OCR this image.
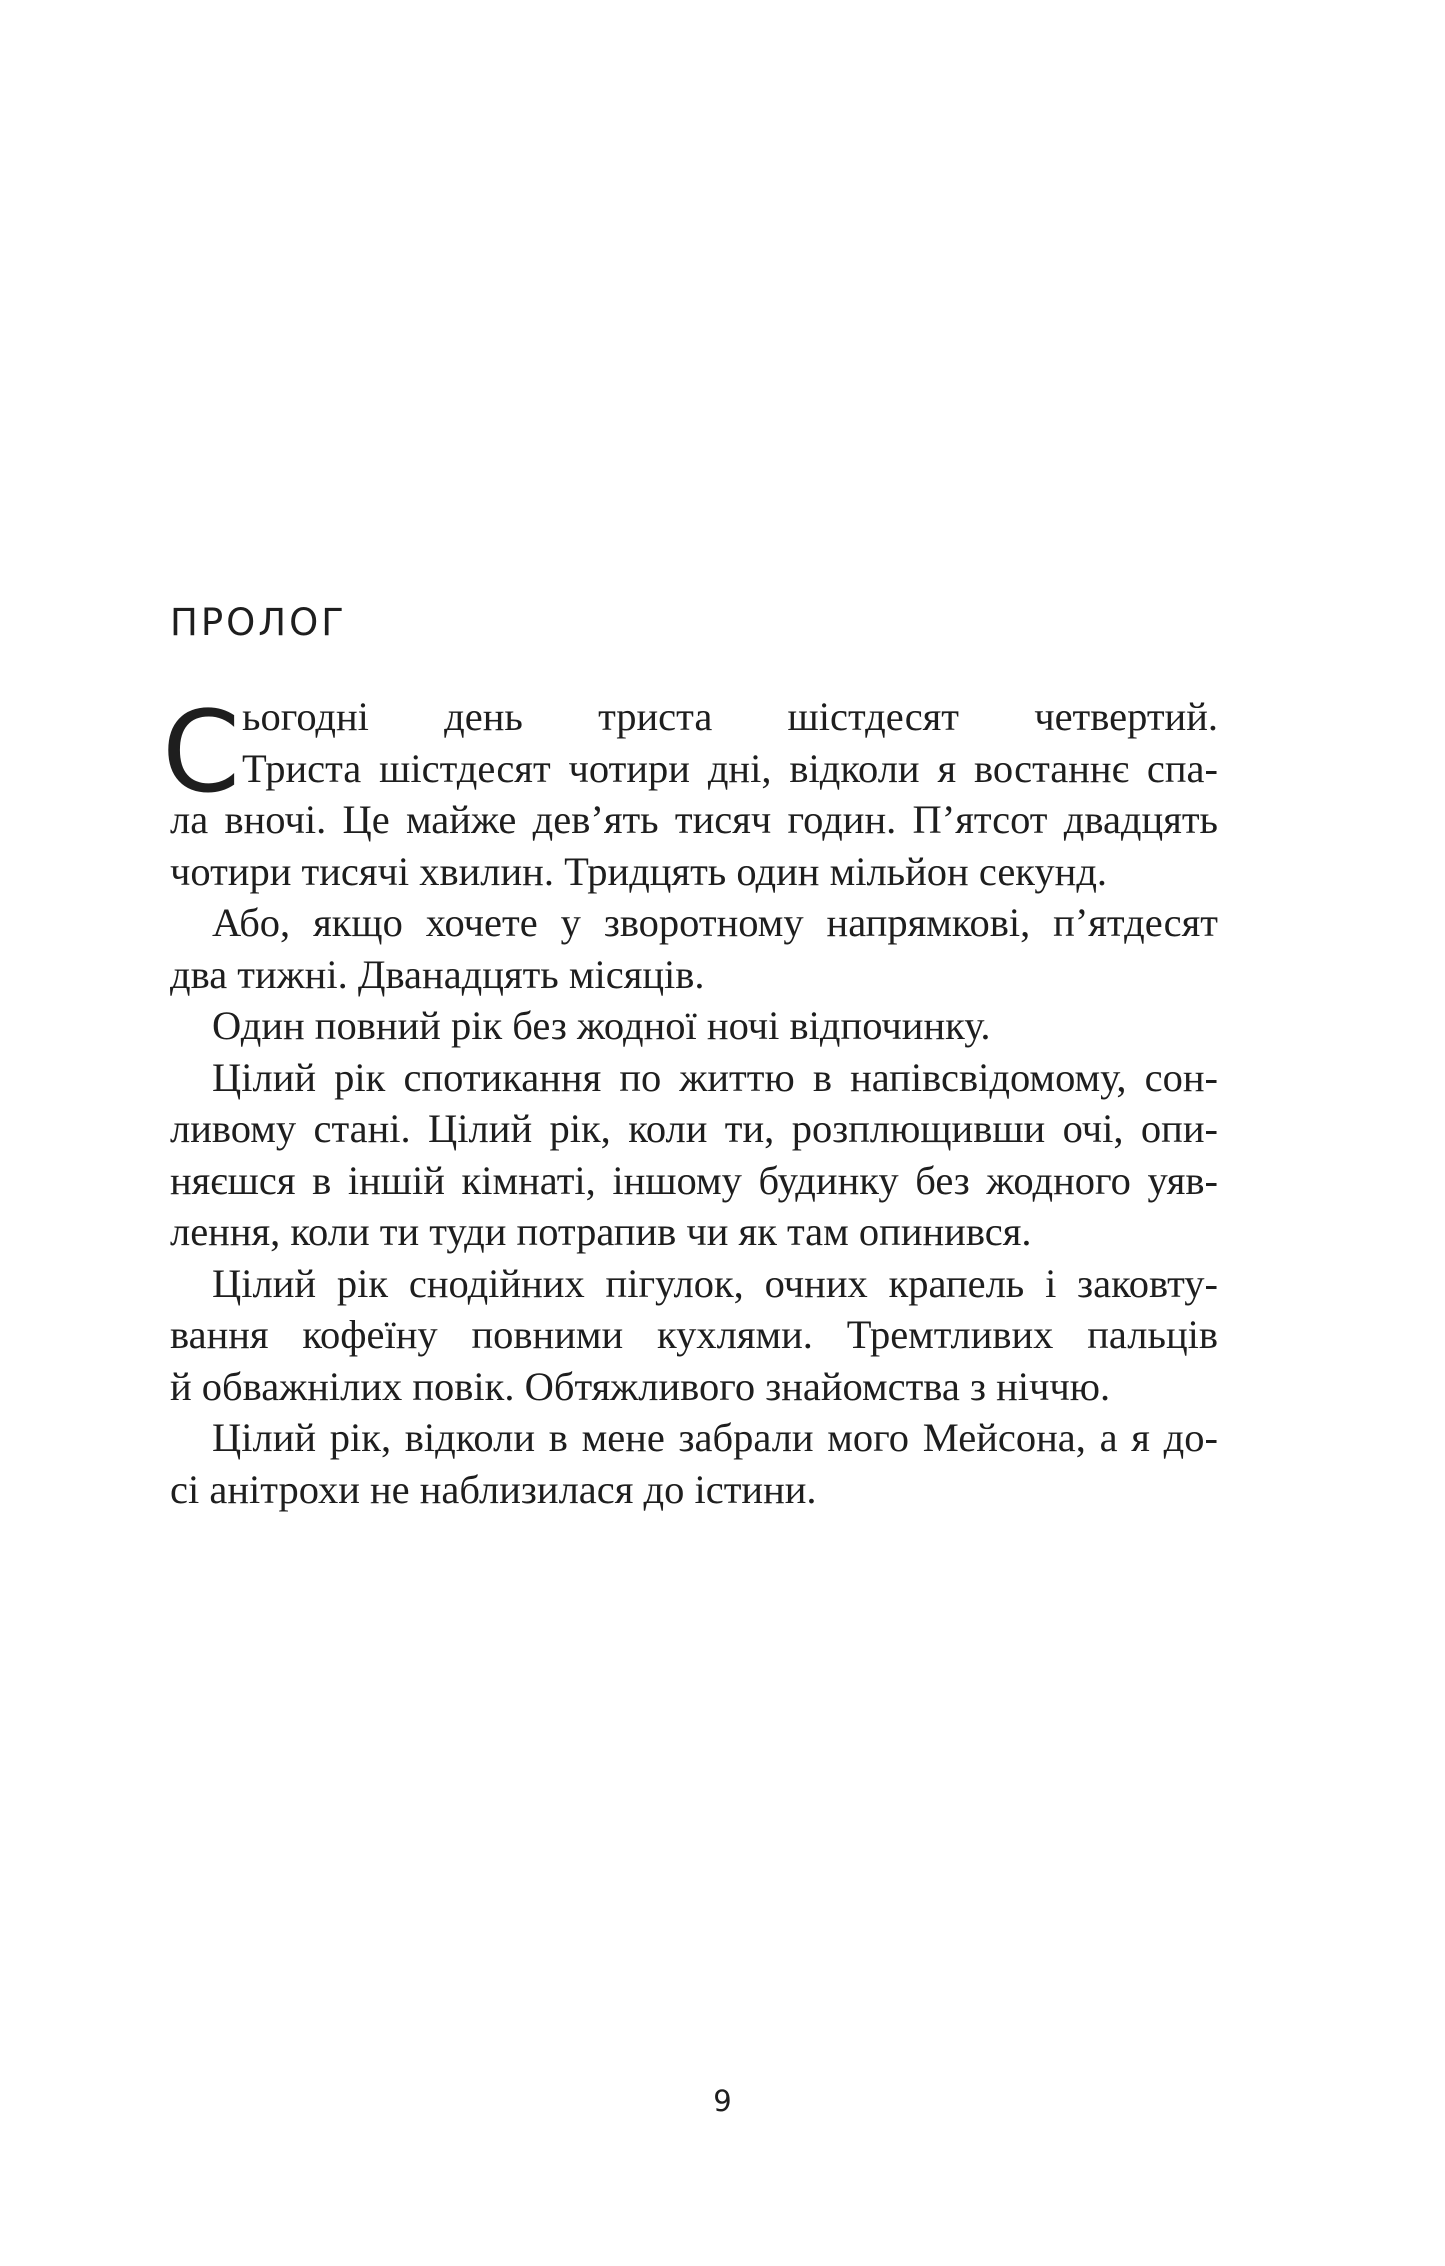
ПРОЛОГ
С ьогодні день триста шістдесят четвертий.
Триста шістдесят чотири дні, відколи я востаннє спа-
ла вночі. Це майже дев’ять тисяч годин. П’ятсот двадцять
чотири тисячі хвилин. Тридцять один мільйон секунд.
Або, якщо хочете у зворотному напрямкові, п’ятдесят
два тижні. Дванадцять місяців.
Один повний рік без жодної ночі відпочинку.
Цілий рік спотикання по життю в напівсвідомому, сон-
ливому стані. Цілий рік, коли ти, розплющивши очі, опи-
няєшся в іншій кімнаті, іншому будинку без жодного уяв-
лення, коли ти туди потрапив чи як там опинився.
Цілий рік снодійних пігулок, очних крапель і заковту-
вання кофеїну повними кухлями. Тремтливих пальців
й обважнілих повік. Обтяжливого знайомства з ніччю.
Цілий рік, відколи в мене забрали мого Мейсона, а я до-
сі анітрохи не наблизилася до істини.
9
